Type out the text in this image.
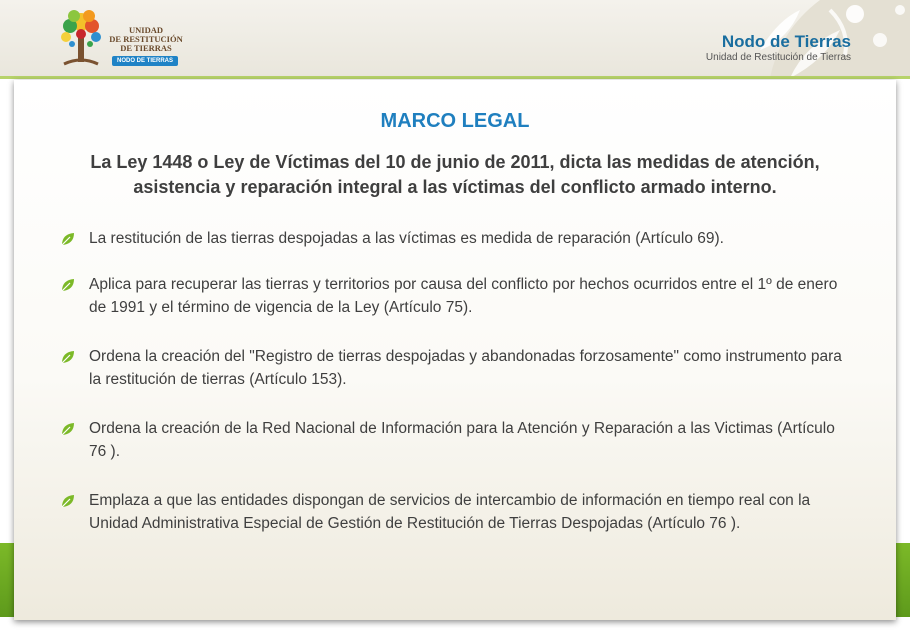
UNIDAD
DE RESTITUCIÓN
DE TIERRAS
NODO DE TIERRAS
Nodo de Tierras
Unidad de Restitución de Tierras
MARCO LEGAL
La Ley 1448 o Ley de Víctimas del 10 de junio de 2011, dicta las medidas de atención, asistencia y reparación integral a las víctimas del conflicto armado interno.
La restitución de las tierras despojadas a las víctimas es medida de reparación (Artículo 69).
Aplica para recuperar las tierras y territorios por causa del conflicto por hechos ocurridos entre el 1º de enero de 1991 y el término de vigencia de la Ley (Artículo 75).
Ordena la creación del "Registro de tierras despojadas y abandonadas forzosamente" como instrumento para la restitución de tierras (Artículo 153).
Ordena la creación de la Red Nacional de Información para la Atención y Reparación a las Victimas (Artículo 76 ).
Emplaza a que las entidades dispongan de servicios de intercambio de información en tiempo real con la Unidad Administrativa Especial de Gestión de Restitución de Tierras Despojadas (Artículo 76 ).
